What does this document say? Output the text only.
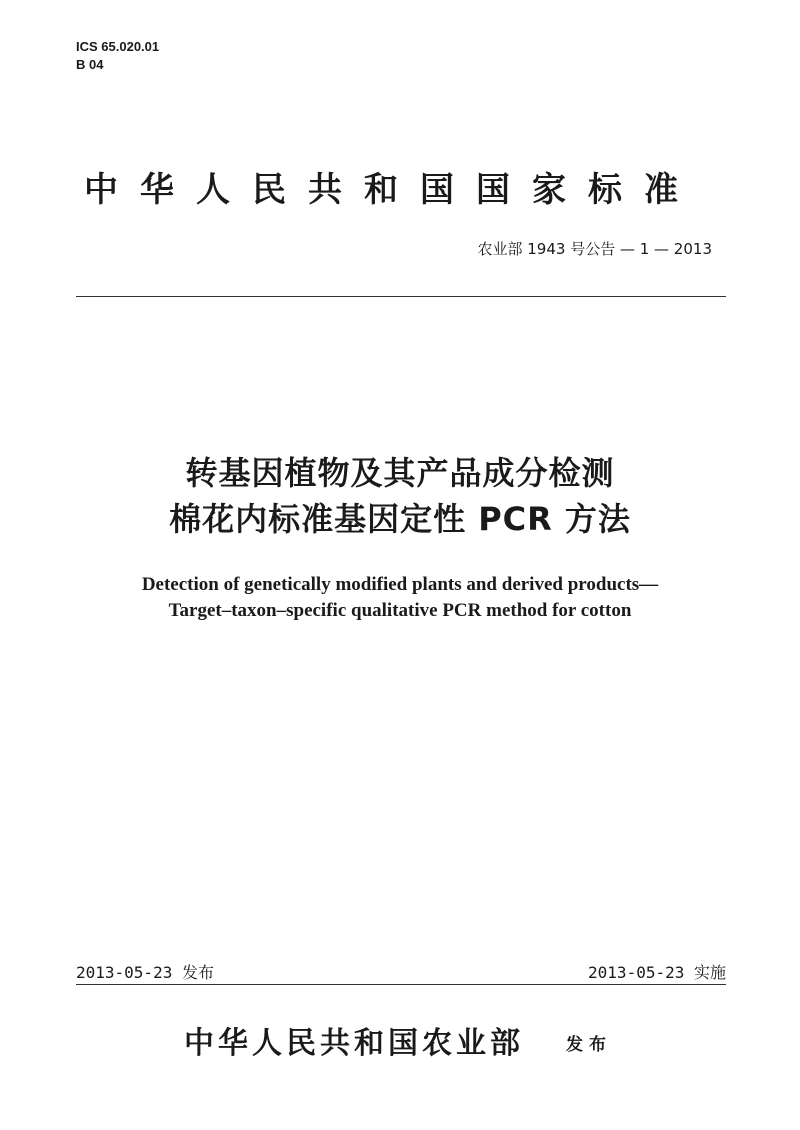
ICS 65.020.01
B 04
中华人民共和国国家标准
农业部 1943 号公告 — 1 — 2013
转基因植物及其产品成分检测
棉花内标准基因定性 PCR 方法
Detection of genetically modified plants and derived products—
Target–taxon–specific qualitative PCR method for cotton
2013-05-23 发布	2013-05-23 实施
中华人民共和国农业部 发布
